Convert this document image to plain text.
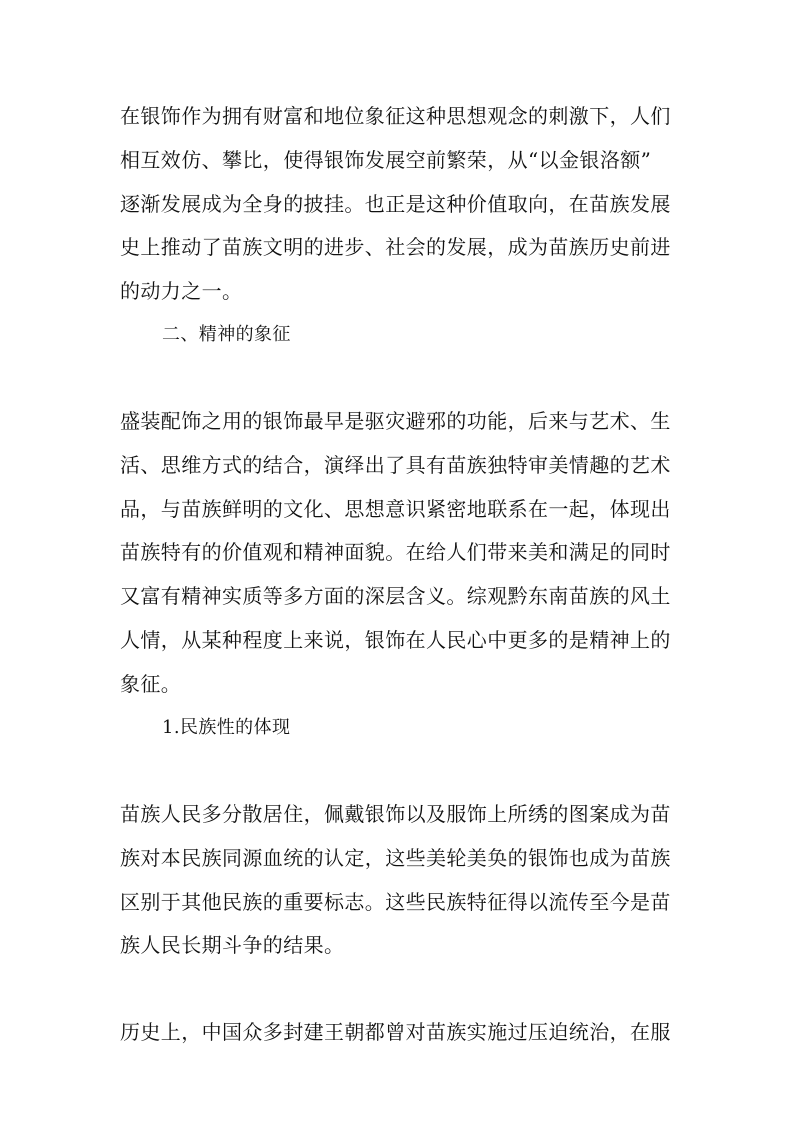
在银饰作为拥有财富和地位象征这种思想观念的刺激下，人们
相互效仿、攀比，使得银饰发展空前繁荣，从“以金银洛额”
逐渐发展成为全身的披挂。也正是这种价值取向，在苗族发展
史上推动了苗族文明的进步、社会的发展，成为苗族历史前进
的动力之一。
二、精神的象征
盛装配饰之用的银饰最早是驱灾避邪的功能，后来与艺术、生
活、思维方式的结合，演绎出了具有苗族独特审美情趣的艺术
品，与苗族鲜明的文化、思想意识紧密地联系在一起，体现出
苗族特有的价值观和精神面貌。在给人们带来美和满足的同时
又富有精神实质等多方面的深层含义。综观黔东南苗族的风土
人情，从某种程度上来说，银饰在人民心中更多的是精神上的
象征。
1.民族性的体现
苗族人民多分散居住，佩戴银饰以及服饰上所绣的图案成为苗
族对本民族同源血统的认定，这些美轮美奂的银饰也成为苗族
区别于其他民族的重要标志。这些民族特征得以流传至今是苗
族人民长期斗争的结果。
历史上，中国众多封建王朝都曾对苗族实施过压迫统治，在服
